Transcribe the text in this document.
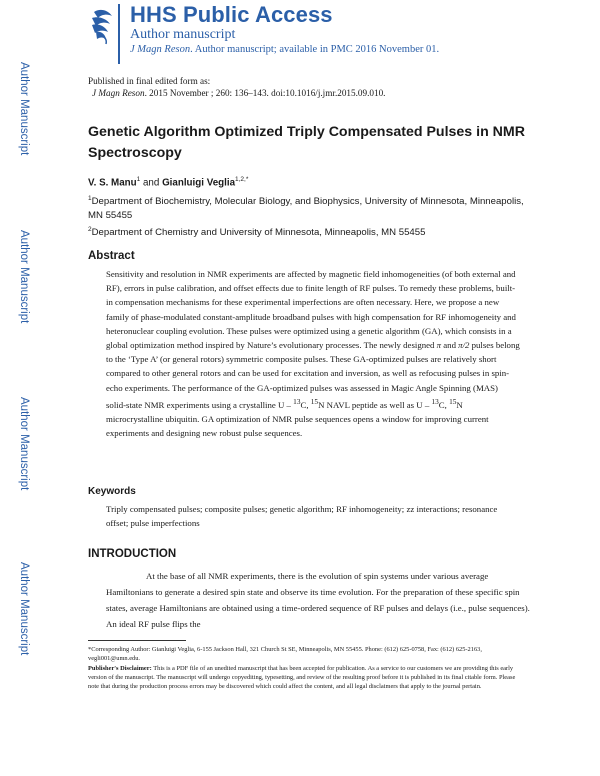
HHS Public Access
Author manuscript
J Magn Reson. Author manuscript; available in PMC 2016 November 01.
Published in final edited form as:
J Magn Reson. 2015 November ; 260: 136–143. doi:10.1016/j.jmr.2015.09.010.
Author Manuscript
Author Manuscript
Author Manuscript
Author Manuscript
Genetic Algorithm Optimized Triply Compensated Pulses in NMR Spectroscopy
V. S. Manu$^1$ and Gianluigi Veglia$^{1,2,*}$
$^1$Department of Biochemistry, Molecular Biology, and Biophysics, University of Minnesota, Minneapolis, MN 55455
$^2$Department of Chemistry and University of Minnesota, Minneapolis, MN 55455
Abstract
Sensitivity and resolution in NMR experiments are affected by magnetic field inhomogeneities (of both external and RF), errors in pulse calibration, and offset effects due to finite length of RF pulses. To remedy these problems, built-in compensation mechanisms for these experimental imperfections are often necessary. Here, we propose a new family of phase-modulated constant-amplitude broadband pulses with high compensation for RF inhomogeneity and heteronuclear coupling evolution. These pulses were optimized using a genetic algorithm (GA), which consists in a global optimization method inspired by Nature’s evolutionary processes. The newly designed π and π/2 pulses belong to the ‘Type A’ (or general rotors) symmetric composite pulses. These GA-optimized pulses are relatively short compared to other general rotors and can be used for excitation and inversion, as well as refocusing pulses in spin-echo experiments. The performance of the GA-optimized pulses was assessed in Magic Angle Spinning (MAS) solid-state NMR experiments using a crystalline U – $^{13}$C, $^{15}$N NAVL peptide as well as U – $^{13}$C, $^{15}$N microcrystalline ubiquitin. GA optimization of NMR pulse sequences opens a window for improving current experiments and designing new robust pulse sequences.
Keywords
Triply compensated pulses; composite pulses; genetic algorithm; RF inhomogeneity; zz interactions; resonance offset; pulse imperfections
INTRODUCTION
At the base of all NMR experiments, there is the evolution of spin systems under various average Hamiltonians to generate a desired spin state and observe its time evolution. For the preparation of these specific spin states, average Hamiltonians are obtained using a time-ordered sequence of RF pulses and delays (i.e., pulse sequences). An ideal RF pulse flips the

*Corresponding Author: Gianluigi Veglia, 6-155 Jackson Hall, 321 Church St SE, Minneapolis, MN 55455. Phone: (612) 625-0758, Fax: (612) 625-2163, vegli001@umn.edu.

Publisher's Disclaimer: This is a PDF file of an unedited manuscript that has been accepted for publication. As a service to our customers we are providing this early version of the manuscript. The manuscript will undergo copyediting, typesetting, and review of the resulting proof before it is published in its final citable form. Please note that during the production process errors may be discovered which could affect the content, and all legal disclaimers that apply to the journal pertain.
